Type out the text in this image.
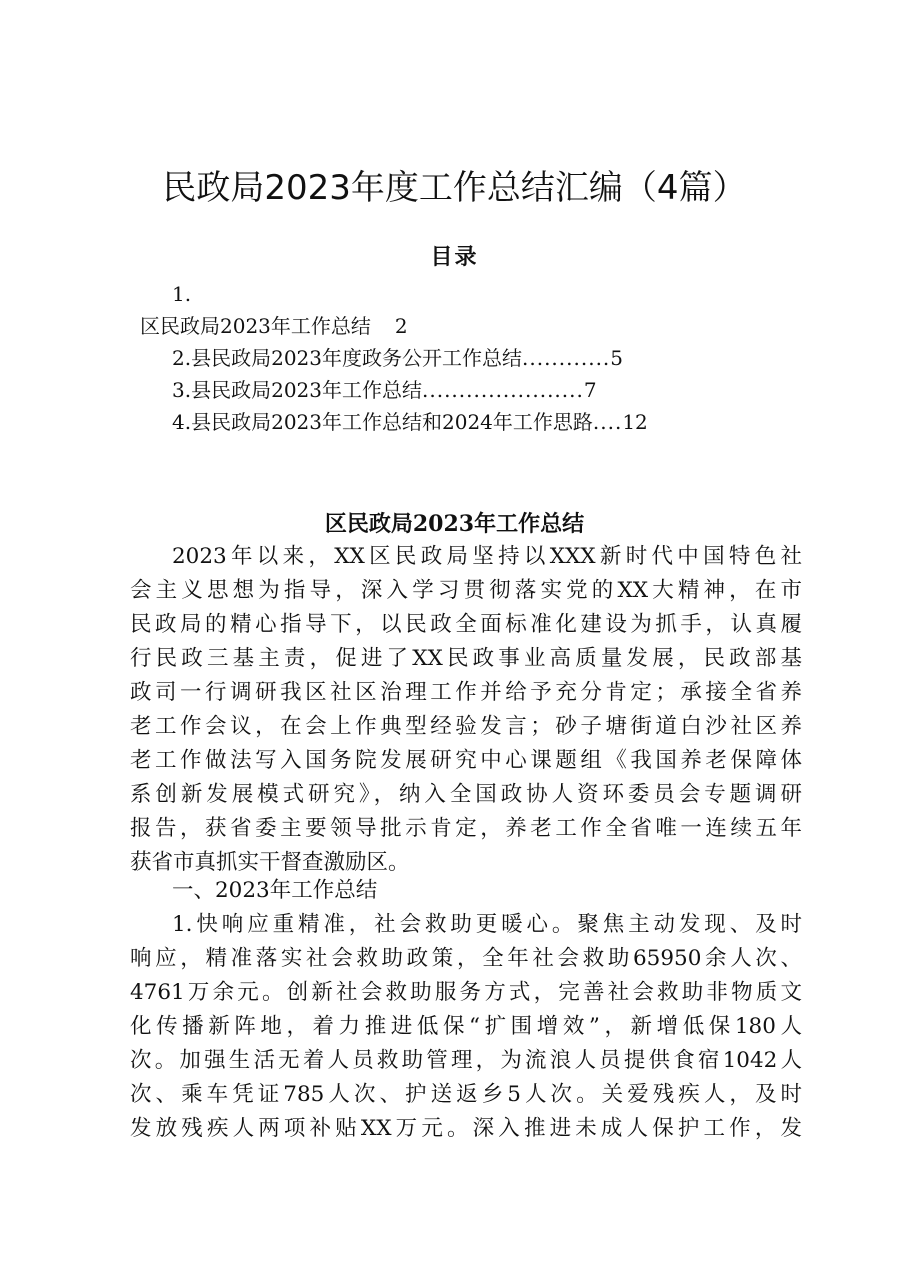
民政局2023年度工作总结汇编（4篇）
目录
1.
区民政局2023年工作总结 2
2.县民政局2023年度政务公开工作总结............5
3.县民政局2023年工作总结......................7
4.县民政局2023年工作总结和2024年工作思路....12
区民政局2023年工作总结
2023年以来，XX区民政局坚持以XXX新时代中国特色社
会主义思想为指导，深入学习贯彻落实党的XX大精神，在市
民政局的精心指导下，以民政全面标准化建设为抓手，认真履
行民政三基主责，促进了XX民政事业高质量发展，民政部基
政司一行调研我区社区治理工作并给予充分肯定；承接全省养
老工作会议，在会上作典型经验发言；砂子塘街道白沙社区养
老工作做法写入国务院发展研究中心课题组《我国养老保障体
系创新发展模式研究》，纳入全国政协人资环委员会专题调研
报告，获省委主要领导批示肯定，养老工作全省唯一连续五年
获省市真抓实干督查激励区。
一、2023年工作总结
1.快响应重精准，社会救助更暖心。聚焦主动发现、及时
响应，精准落实社会救助政策，全年社会救助65950余人次、
4761万余元。创新社会救助服务方式，完善社会救助非物质文
化传播新阵地，着力推进低保“扩围增效”，新增低保180人
次。加强生活无着人员救助管理，为流浪人员提供食宿1042人
次、乘车凭证785人次、护送返乡5人次。关爱残疾人，及时
发放残疾人两项补贴XX万元。深入推进未成人保护工作，发
